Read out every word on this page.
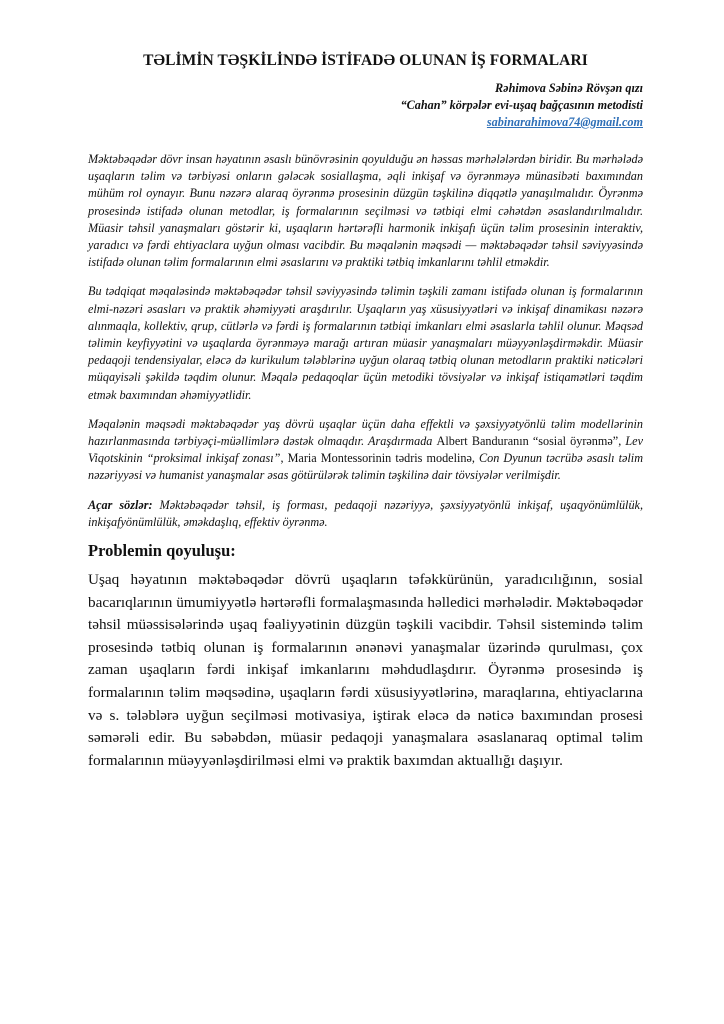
TƏLİMİN TƏŞKİLİNDƏ İSTİFADƏ OLUNAN İŞ FORMALARI
Rəhimova Səbinə Rövşən qızı
“Cahan” körpələr evi-uşaq bağçasının metodisti
sabinarahimova74@gmail.com

Məktəbəqədər dövr insan həyatının əsaslı bünövrəsinin qoyulduğu ən həssas mərhələlərdən biridir. Bu mərhələdə uşaqların təlim və tərbiyəsi onların gələcək sosiallaşma, əqli inkişaf və öyrənməyə münasibəti baxımından mühüm rol oynayır. Bunu nəzərə alaraq öyrənmə prosesinin düzgün təşkilinə diqqətlə yanaşılmalıdır. Öyrənmə prosesində istifadə olunan metodlar, iş formalarının seçilməsi və tətbiqi elmi cəhətdən əsaslandırılmalıdır. Müasir təhsil yanaşmaları göstərir ki, uşaqların hərtərəfli harmonik inkişafı üçün təlim prosesinin interaktiv, yaradıcı və fərdi ehtiyaclara uyğun olması vacibdir. Bu məqalənin məqsədi — məktəbəqədər təhsil səviyyəsində istifadə olunan təlim formalarının elmi əsaslarını və praktiki tətbiq imkanlarını təhlil etməkdir.

Bu tədqiqat məqaləsində məktəbəqədər təhsil səviyyəsində təlimin təşkili zamanı istifadə olunan iş formalarının elmi-nəzəri əsasları və praktik əhəmiyyəti araşdırılır. Uşaqların yaş xüsusiyyətləri və inkişaf dinamikası nəzərə alınmaqla, kollektiv, qrup, cütlərlə və fərdi iş formalarının tətbiqi imkanları elmi əsaslarla təhlil olunur. Məqsəd təlimin keyfiyyətini və uşaqlarda öyrənməyə marağı artıran müasir yanaşmaları müəyyənləşdirməkdir. Müasir pedaqoji tendensiyalar, eləcə də kurikulum tələblərinə uyğun olaraq tətbiq olunan metodların praktiki nəticələri müqayisəli şəkildə təqdim olunur. Məqalə pedaqoqlar üçün metodiki tövsiyələr və inkişaf istiqamətləri təqdim etmək baxımından əhəmiyyətlidir.

Məqalənin məqsədi məktəbəqədər yaş dövrü uşaqlar üçün daha effektli və şəxsiyyətyönlü təlim modellərinin hazırlanmasında tərbiyəçi-müəllimlərə dəstək olmaqdır. Araşdırmada Albert Banduranın “sosial öyrənmə”, Lev Viqotskinin “proksimal inkişaf zonası”, Maria Montessorinin tədris modelinə, Con Dyunun təcrübə əsaslı təlim nəzəriyyəsi və humanist yanaşmalar əsas götürülərək təlimin təşkilinə dair tövsiyələr verilmişdir.

Açar sözlər: Məktəbəqədər təhsil, iş forması, pedaqoji nəzəriyyə, şəxsiyyətyönlü inkişaf, uşaqyönümlülük, inkişafyönümlülük, əməkdaşlıq, effektiv öyrənmə.

Problemin qoyuluşu:

Uşaq həyatının məktəbəqədər dövrü uşaqların təfəkkürünün, yaradıcılığının, sosial bacarıqlarının ümumiyyətlə hərtərəfli formalaşmasında həlledici mərhələdir. Məktəbəqədər təhsil müəssisələrində uşaq fəaliyyətinin düzgün təşkili vacibdir. Təhsil sistemində təlim prosesində tətbiq olunan iş formalarının ənənəvi yanaşmalar üzərində qurulması, çox zaman uşaqların fərdi inkişaf imkanlarını məhdudlaşdırır. Öyrənmə prosesində iş formalarının təlim məqsədinə, uşaqların fərdi xüsusiyyətlərinə, maraqlarına, ehtiyaclarına və s. tələblərə uyğun seçilməsi motivasiya, iştirak eləcə də nəticə baxımından prosesi səmərəli edir. Bu səbəbdən, müasir pedaqoji yanaşmalara əsaslanaraq optimal təlim formalarının müəyyənləşdirilməsi elmi və praktik baxımdan aktuallığı daşıyır.
